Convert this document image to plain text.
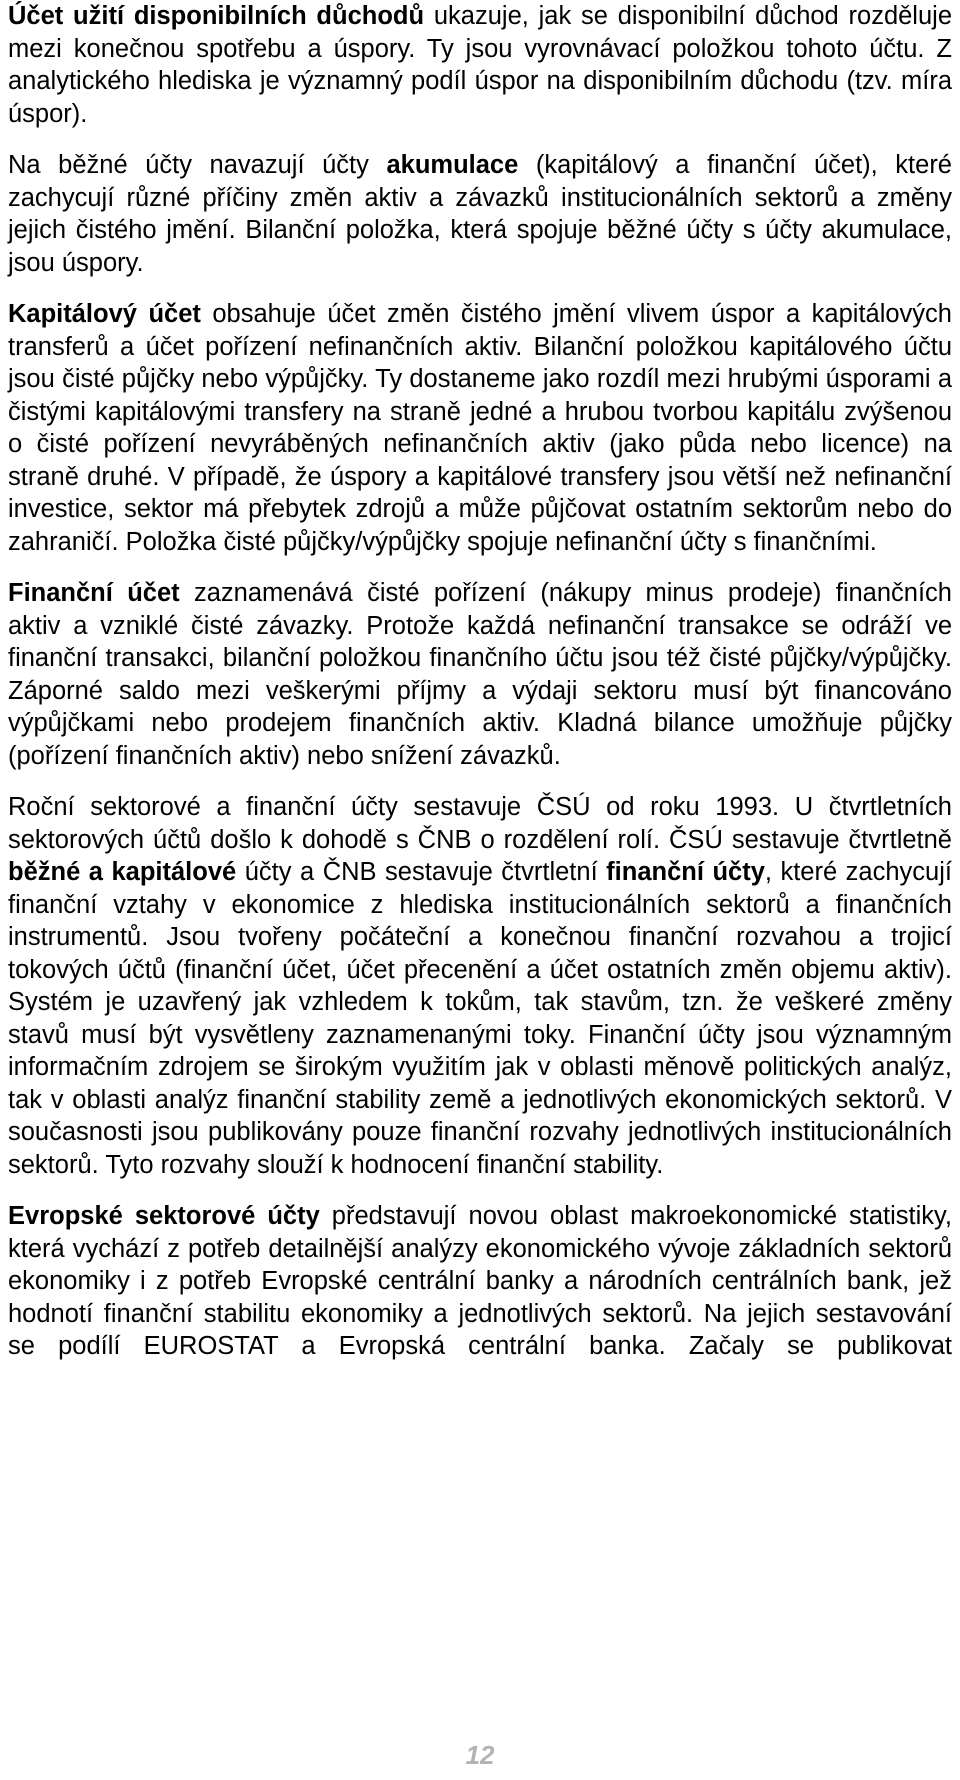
Účet užití disponibilních důchodů ukazuje, jak se disponibilní důchod rozděluje mezi konečnou spotřebu a úspory. Ty jsou vyrovnávací položkou tohoto účtu. Z analytického hlediska je významný podíl úspor na disponibilním důchodu (tzv. míra úspor).

Na běžné účty navazují účty akumulace (kapitálový a finanční účet), které zachycují různé příčiny změn aktiv a závazků institucionálních sektorů a změny jejich čistého jmění. Bilanční položka, která spojuje běžné účty s účty akumulace, jsou úspory.

Kapitálový účet obsahuje účet změn čistého jmění vlivem úspor a kapitálových transferů a účet pořízení nefinančních aktiv. Bilanční položkou kapitálového účtu jsou čisté půjčky nebo výpůjčky. Ty dostaneme jako rozdíl mezi hrubými úsporami a čistými kapitálovými transfery na straně jedné a hrubou tvorbou kapitálu zvýšenou o čisté pořízení nevyráběných nefinančních aktiv (jako půda nebo licence) na straně druhé. V případě, že úspory a kapitálové transfery jsou větší než nefinanční investice, sektor má přebytek zdrojů a může půjčovat ostatním sektorům nebo do zahraničí. Položka čisté půjčky/výpůjčky spojuje nefinanční účty s finančními.

Finanční účet zaznamenává čisté pořízení (nákupy minus prodeje) finančních aktiv a vzniklé čisté závazky. Protože každá nefinanční transakce se odráží ve finanční transakci, bilanční položkou finančního účtu jsou též čisté půjčky/výpůjčky. Záporné saldo mezi veškerými příjmy a výdaji sektoru musí být financováno výpůjčkami nebo prodejem finančních aktiv. Kladná bilance umožňuje půjčky (pořízení finančních aktiv) nebo snížení závazků.

Roční sektorové a finanční účty sestavuje ČSÚ od roku 1993. U čtvrtletních sektorových účtů došlo k dohodě s ČNB o rozdělení rolí. ČSÚ sestavuje čtvrtletně běžné a kapitálové účty a ČNB sestavuje čtvrtletní finanční účty, které zachycují finanční vztahy v ekonomice z hlediska institucionálních sektorů a finančních instrumentů. Jsou tvořeny počáteční a konečnou finanční rozvahou a trojicí tokových účtů (finanční účet, účet přecenění a účet ostatních změn objemu aktiv). Systém je uzavřený jak vzhledem k tokům, tak stavům, tzn. že veškeré změny stavů musí být vysvětleny zaznamenanými toky. Finanční účty jsou významným informačním zdrojem se širokým využitím jak v oblasti měnově politických analýz, tak v oblasti analýz finanční stability země a jednotlivých ekonomických sektorů. V současnosti jsou publikovány pouze finanční rozvahy jednotlivých institucionálních sektorů. Tyto rozvahy slouží k hodnocení finanční stability.

Evropské sektorové účty představují novou oblast makroekonomické statistiky, která vychází z potřeb detailnější analýzy ekonomického vývoje základních sektorů ekonomiky i z potřeb Evropské centrální banky a národních centrálních bank, jež hodnotí finanční stabilitu ekonomiky a jednotlivých sektorů. Na jejich sestavování se podílí EUROSTAT a Evropská centrální banka. Začaly se publikovat

12
